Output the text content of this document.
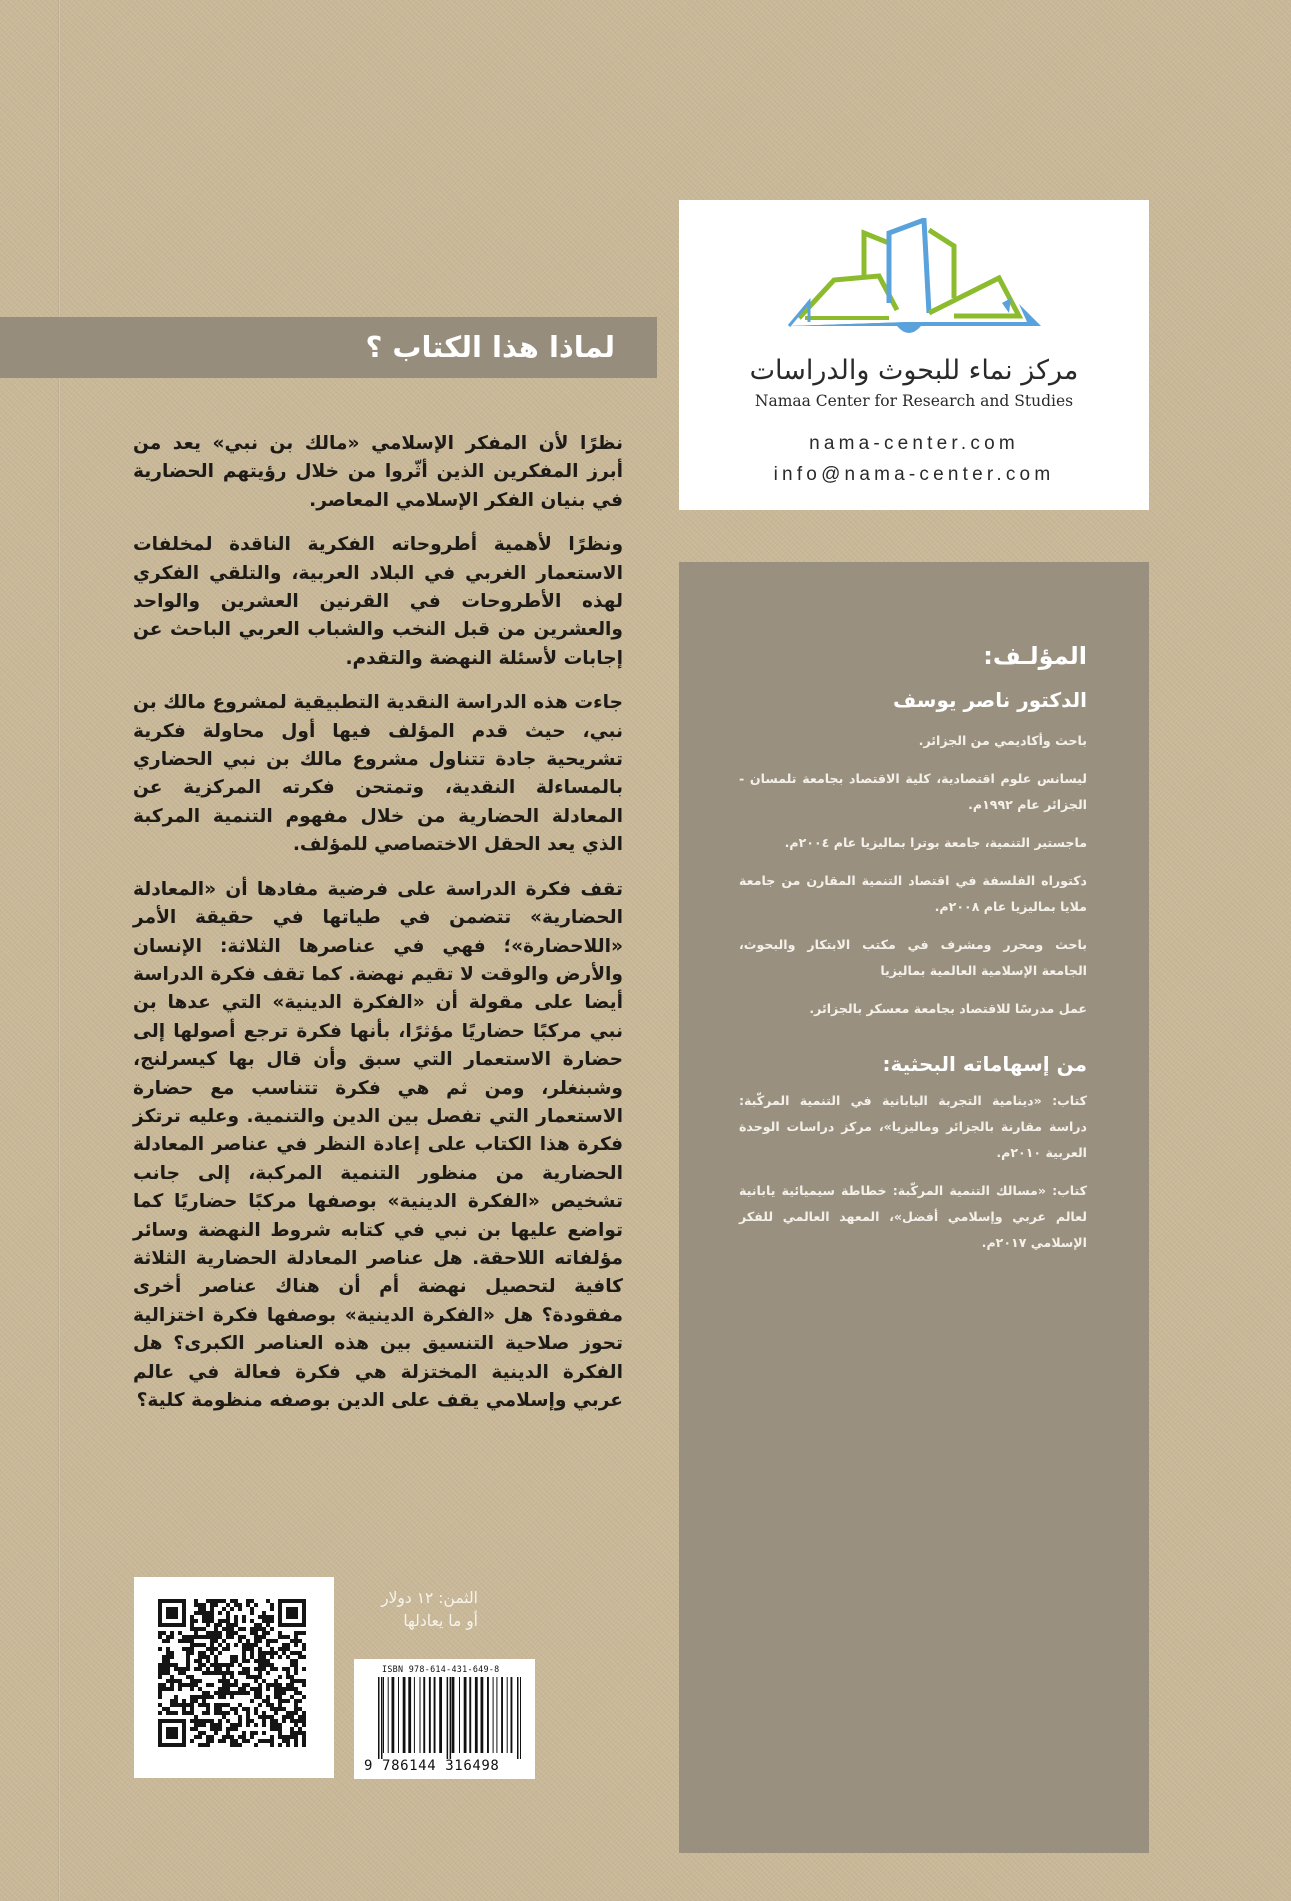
لماذا هذا الكتاب ؟

نظرًا لأن المفكر الإسلامي «مالك بن نبي» يعد من أبرز المفكرين الذين أثّروا من خلال رؤيتهم الحضارية في بنيان الفكر الإسلامي المعاصر.

ونظرًا لأهمية أطروحاته الفكرية الناقدة لمخلفات الاستعمار الغربي في البلاد العربية، والتلقي الفكري لهذه الأطروحات في القرنين العشرين والواحد والعشرين من قبل النخب والشباب العربي الباحث عن إجابات لأسئلة النهضة والتقدم.

جاءت هذه الدراسة النقدية التطبيقية لمشروع مالك بن نبي، حيث قدم المؤلف فيها أول محاولة فكرية تشريحية جادة تتناول مشروع مالك بن نبي الحضاري بالمساءلة النقدية، وتمتحن فكرته المركزية عن المعادلة الحضارية من خلال مفهوم التنمية المركبة الذي يعد الحقل الاختصاصي للمؤلف.

تقف فكرة الدراسة على فرضية مفادها أن «المعادلة الحضارية» تتضمن في طياتها في حقيقة الأمر «اللاحضارة»؛ فهي في عناصرها الثلاثة: الإنسان والأرض والوقت لا تقيم نهضة. كما تقف فكرة الدراسة أيضا على مقولة أن «الفكرة الدينية» التي عدها بن نبي مركبًا حضاريًا مؤثرًا، بأنها فكرة ترجع أصولها إلى حضارة الاستعمار التي سبق وأن قال بها كيسرلنج، وشبنغلر، ومن ثم هي فكرة تتناسب مع حضارة الاستعمار التي تفصل بين الدين والتنمية. وعليه ترتكز فكرة هذا الكتاب على إعادة النظر في عناصر المعادلة الحضارية من منظور التنمية المركبة، إلى جانب تشخيص «الفكرة الدينية» بوصفها مركبًا حضاريًا كما تواضع عليها بن نبي في كتابه شروط النهضة وسائر مؤلفاته اللاحقة. هل عناصر المعادلة الحضارية الثلاثة كافية لتحصيل نهضة أم أن هناك عناصر أخرى مفقودة؟ هل «الفكرة الدينية» بوصفها فكرة اختزالية تحوز صلاحية التنسيق بين هذه العناصر الكبرى؟ هل الفكرة الدينية المختزلة هي فكرة فعالة في عالم عربي وإسلامي يقف على الدين بوصفه منظومة كلية؟

مركز نماء للبحوث والدراسات
Namaa Center for Research and Studies
nama-center.com
info@nama-center.com
المؤلـف:
الدكتور ناصر يوسف
باحث وأكاديمي من الجزائر.
ليسانس علوم اقتصادية، كلية الاقتصاد بجامعة تلمسان - الجزائر عام ١٩٩٢م.
ماجستير التنمية، جامعة بوترا بماليزيا عام ٢٠٠٤م.
دكتوراه الفلسفة في اقتصاد التنمية المقارن من جامعة ملايا بماليزيا عام ٢٠٠٨م.
باحث ومحرر ومشرف في مكتب الابتكار والبحوث، الجامعة الإسلامية العالمية بماليزيا
عمل مدرسًا للاقتصاد بجامعة معسكر بالجزائر.
من إسهاماته البحثية:
كتاب: «دينامية التجربة اليابانية في التنمية المركّبة: دراسة مقارنة بالجزائر وماليزيا»، مركز دراسات الوحدة العربية ٢٠١٠م.
كتاب: «مسالك التنمية المركّبة: خطاطة سيميائية يابانية لعالم عربي وإسلامي أفضل»، المعهد العالمي للفكر الإسلامي ٢٠١٧م.
الثمن: ١٢ دولار
أو ما يعادلها
ISBN 978-614-431-649-8
9 786144 316498
